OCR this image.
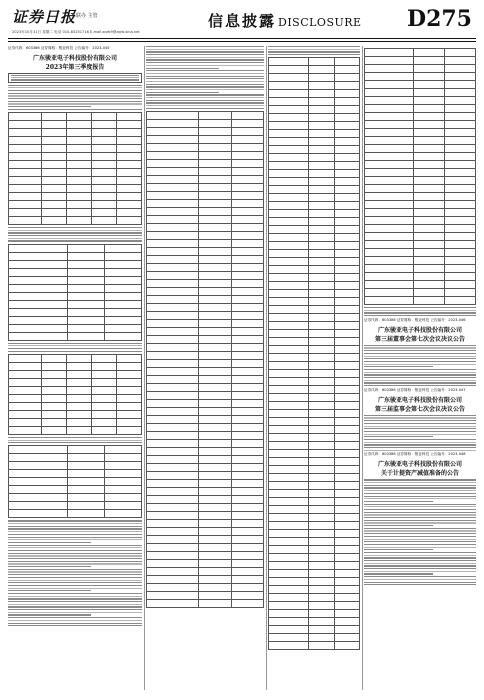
证券日报 联办 主管
2023年10月31日 星期二 电话 010-83251716 E-mail:zqrb9@zqrb.sina.net
信息披露 DISCLOSURE D275
证券代码：603386 证券简称：骏亚科技 公告编号：2023-045
广东骏亚电子科技股份有限公司
2023年第三季度报告
证券代码：603386 证券简称：骏亚科技 公告编号：2023-046
广东骏亚电子科技股份有限公司
第三届董事会第七次会议决议公告
证券代码：603386 证券简称：骏亚科技 公告编号：2023-047
广东骏亚电子科技股份有限公司
第三届监事会第七次会议决议公告
证券代码：603386 证券简称：骏亚科技 公告编号：2023-048
广东骏亚电子科技股份有限公司
关于计提资产减值准备的公告
